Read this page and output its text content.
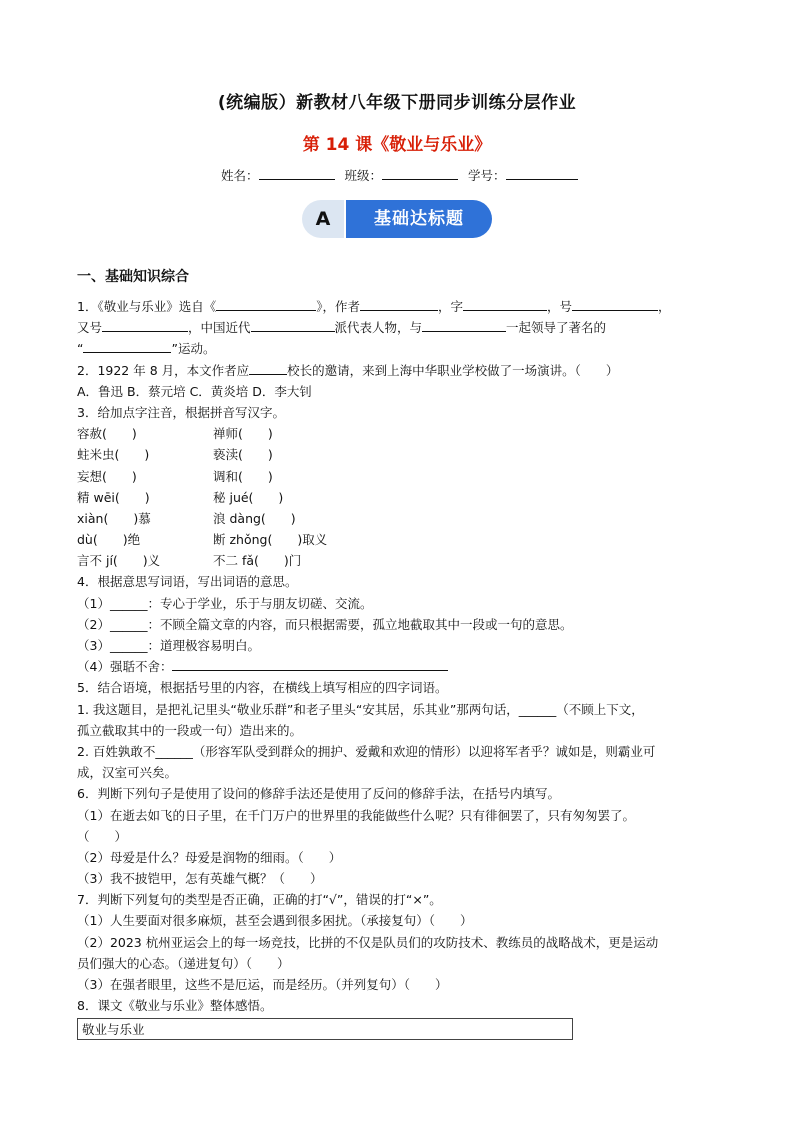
(统编版）新教材八年级下册同步训练分层作业
第 14 课《敬业与乐业》
姓名：	班级：	学号：
A	基础达标题
一、基础知识综合
1．《敬业与乐业》选自《	》，作者	，字	，号	，
又号	，中国近代	派代表人物，与	一起领导了著名的
“	”运动。
2．1922 年 8 月，本文作者应	校长的邀请，来到上海中华职业学校做了一场演讲。（　　）
A．鲁迅 B．蔡元培 C．黄炎培 D．李大钊
3．给加点字注音，根据拼音写汉字。
容赦(　　)	禅师(　　)
蛀米虫(　　)	亵渎(　　)
妄想(　　)	调和(　　)
精 wēi(　　)	秘 jué(　　)
xiàn(　　)慕	浪 dàng(　　)
dù(　　)绝	断 zhǒng(　　)取义
言不 jí(　　)义	不二 fǎ(　　)门
4．根据意思写词语，写出词语的意思。
（1）______：专心于学业，乐于与朋友切磋、交流。
（2）______：不顾全篇文章的内容，而只根据需要，孤立地截取其中一段或一句的意思。
（3）______：道理极容易明白。
（4）强聒不舍：
5．结合语境，根据括号里的内容，在横线上填写相应的四字词语。
1. 我这题目，是把礼记里头“敬业乐群”和老子里头“安其居，乐其业”那两句话，______（不顾上下文，
孤立截取其中的一段或一句）造出来的。
2. 百姓孰敢不______（形容军队受到群众的拥护、爱戴和欢迎的情形）以迎将军者乎？诚如是，则霸业可
成，汉室可兴矣。
6．判断下列句子是使用了设问的修辞手法还是使用了反问的修辞手法，在括号内填写。
（1）在逝去如飞的日子里，在千门万户的世界里的我能做些什么呢？只有徘徊罢了，只有匆匆罢了。
（　　）
（2）母爱是什么？母爱是润物的细雨。（　　）
（3）我不披铠甲，怎有英雄气概？（　　）
7．判断下列复句的类型是否正确，正确的打“√”，错误的打“×”。
（1）人生要面对很多麻烦，甚至会遇到很多困扰。（承接复句）（　　）
（2）2023 杭州亚运会上的每一场竞技，比拼的不仅是队员们的攻防技术、教练员的战略战术，更是运动
员们强大的心态。（递进复句）（　　）
（3）在强者眼里，这些不是厄运，而是经历。（并列复句）（　　）
8．课文《敬业与乐业》整体感悟。
敬业与乐业
